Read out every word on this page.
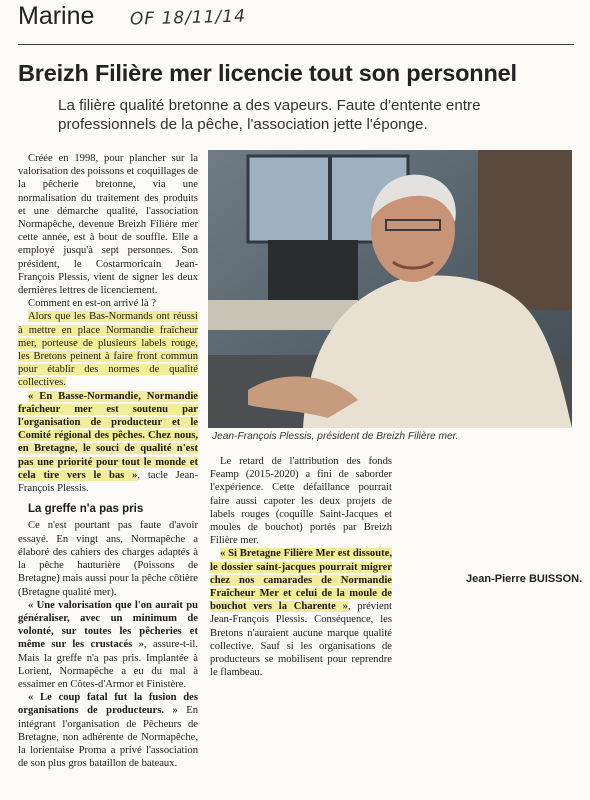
Marine OF 18/11/14
Breizh Filière mer licencie tout son personnel
La filière qualité bretonne a des vapeurs. Faute d'entente entre professionnels de la pêche, l'association jette l'éponge.

Créée en 1998, pour plancher sur la valorisation des poissons et coquillages de la pêcherie bretonne, via une normalisation du traitement des produits et une démarche qualité, l'association Normapêche, devenue Breizh Filière mer cette année, est à bout de souffle. Elle a employé jusqu'à sept personnes. Son président, le Costarmoricain Jean-François Plessis, vient de signer les deux dernières lettres de licenciement.

Comment en est-on arrivé là ?

Alors que les Bas-Normands ont réussi à mettre en place Normandie fraîcheur mer, porteuse de plusieurs labels rouge, les Bretons peinent à faire front commun pour établir des normes de qualité collectives.

« En Basse-Normandie, Normandie fraîcheur mer est soutenu par l'organisation de producteur et le Comité régional des pêches. Chez nous, en Bretagne, le souci de qualité n'est pas une priorité pour tout le monde et cela tire vers le bas », tacle Jean-François Plessis.

La greffe n'a pas pris

Ce n'est pourtant pas faute d'avoir essayé. En vingt ans, Normapêche a élaboré des cahiers des charges adaptés à la pêche hauturière (Poissons de Bretagne) mais aussi pour la pêche côtière (Bretagne qualité mer).

« Une valorisation que l'on aurait pu généraliser, avec un minimum de volonté, sur toutes les pêcheries et même sur les crustacés », assure-t-il. Mais la greffe n'a pas pris. Implantée à Lorient, Normapêche a eu du mal à essaimer en Côtes-d'Armor et Finistère.

« Le coup fatal fut la fusion des organisations de producteurs. » En intégrant l'organisation de Pêcheurs de Bretagne, non adhérente de Normapêche, la lorientaise Proma a privé l'association de son plus gros bataillon de bateaux.

Jean-François Plessis, président de Breizh Filière mer.

Le retard de l'attribution des fonds Feamp (2015-2020) a fini de saborder l'expérience. Cette défaillance pourrait faire aussi capoter les deux projets de labels rouges (coquille Saint-Jacques et moules de bouchot) portés par Breizh Filière mer.

« Si Bretagne Filière Mer est dissoute, le dossier saint-jacques pourrait migrer chez nos camarades de Normandie Fraîcheur Mer et celui de la moule de bouchot vers la Charente », prévient Jean-François Plessis. Conséquence, les Bretons n'auraient aucune marque qualité collective. Sauf si les organisations de producteurs se mobilisent pour reprendre le flambeau.

Jean-Pierre BUISSON.
